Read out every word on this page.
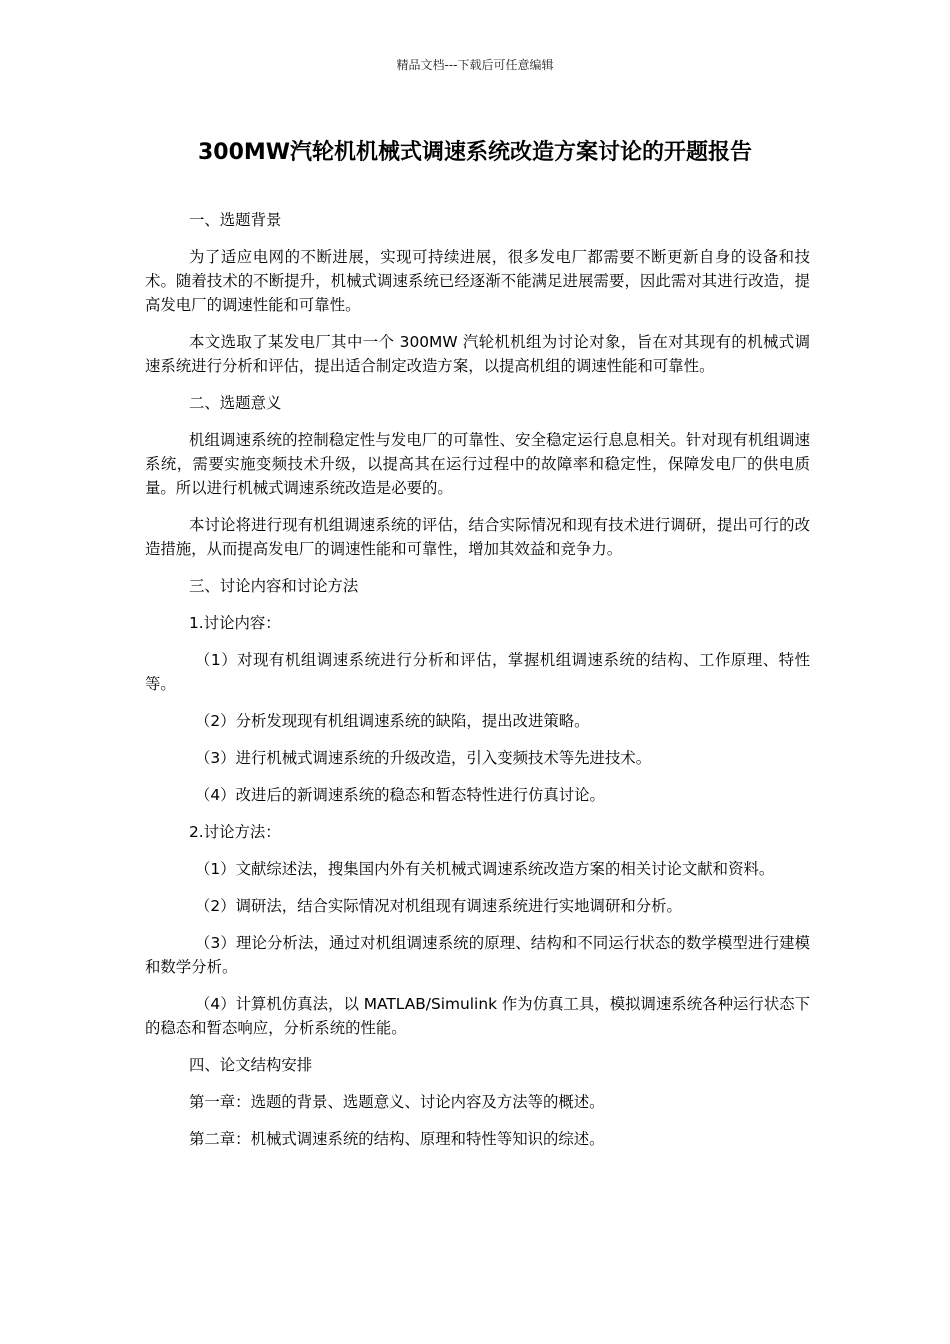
精品文档---下载后可任意编辑
300MW汽轮机机械式调速系统改造方案讨论的开题报告

一、选题背景

为了适应电网的不断进展，实现可持续进展，很多发电厂都需要不断更新自身的设备和技术。随着技术的不断提升，机械式调速系统已经逐渐不能满足进展需要，因此需对其进行改造，提高发电厂的调速性能和可靠性。

本文选取了某发电厂其中一个 300MW 汽轮机机组为讨论对象，旨在对其现有的机械式调速系统进行分析和评估，提出适合制定改造方案，以提高机组的调速性能和可靠性。

二、选题意义

机组调速系统的控制稳定性与发电厂的可靠性、安全稳定运行息息相关。针对现有机组调速系统，需要实施变频技术升级，以提高其在运行过程中的故障率和稳定性，保障发电厂的供电质量。所以进行机械式调速系统改造是必要的。

本讨论将进行现有机组调速系统的评估，结合实际情况和现有技术进行调研，提出可行的改造措施，从而提高发电厂的调速性能和可靠性，增加其效益和竞争力。

三、讨论内容和讨论方法

1.讨论内容：

（1）对现有机组调速系统进行分析和评估，掌握机组调速系统的结构、工作原理、特性等。

（2）分析发现现有机组调速系统的缺陷，提出改进策略。

（3）进行机械式调速系统的升级改造，引入变频技术等先进技术。

（4）改进后的新调速系统的稳态和暂态特性进行仿真讨论。

2.讨论方法：

（1）文献综述法，搜集国内外有关机械式调速系统改造方案的相关讨论文献和资料。

（2）调研法，结合实际情况对机组现有调速系统进行实地调研和分析。

（3）理论分析法，通过对机组调速系统的原理、结构和不同运行状态的数学模型进行建模和数学分析。

（4）计算机仿真法，以 MATLAB/Simulink 作为仿真工具，模拟调速系统各种运行状态下的稳态和暂态响应，分析系统的性能。

四、论文结构安排

第一章：选题的背景、选题意义、讨论内容及方法等的概述。

第二章：机械式调速系统的结构、原理和特性等知识的综述。
